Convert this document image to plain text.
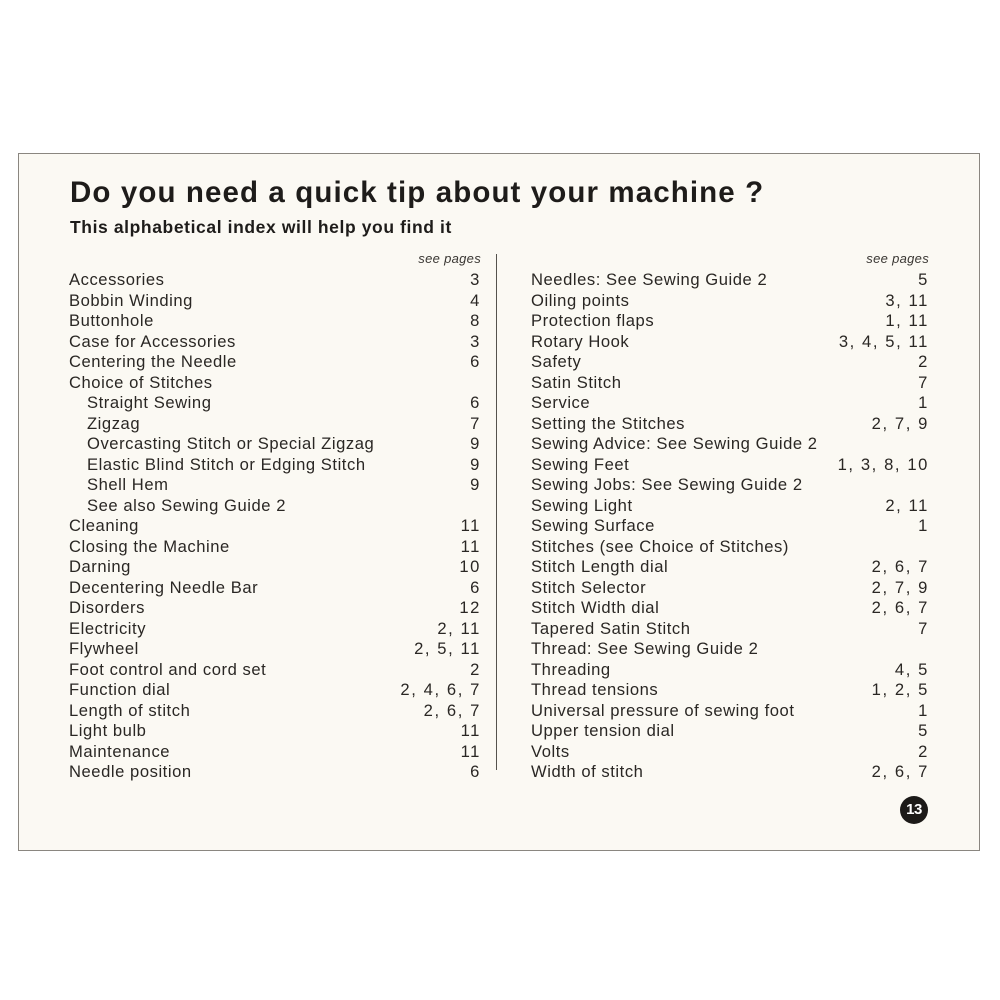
Do you need a quick tip about your machine ?
This alphabetical index will help you find it
see pages
Accessories	3
Bobbin Winding	4
Buttonhole	8
Case for Accessories	3
Centering the Needle	6
Choice of Stitches
Straight Sewing	6
Zigzag	7
Overcasting Stitch or Special Zigzag	9
Elastic Blind Stitch or Edging Stitch	9
Shell Hem	9
See also Sewing Guide 2
Cleaning	11
Closing the Machine	11
Darning	10
Decentering Needle Bar	6
Disorders	12
Electricity	2, 11
Flywheel	2, 5, 11
Foot control and cord set	2
Function dial	2, 4, 6, 7
Length of stitch	2, 6, 7
Light bulb	11
Maintenance	11
Needle position	6
see pages
Needles: See Sewing Guide 2	5
Oiling points	3, 11
Protection flaps	1, 11
Rotary Hook	3, 4, 5, 11
Safety	2
Satin Stitch	7
Service	1
Setting the Stitches	2, 7, 9
Sewing Advice: See Sewing Guide 2
Sewing Feet	1, 3, 8, 10
Sewing Jobs: See Sewing Guide 2
Sewing Light	2, 11
Sewing Surface	1
Stitches (see Choice of Stitches)
Stitch Length dial	2, 6, 7
Stitch Selector	2, 7, 9
Stitch Width dial	2, 6, 7
Tapered Satin Stitch	7
Thread: See Sewing Guide 2
Threading	4, 5
Thread tensions	1, 2, 5
Universal pressure of sewing foot	1
Upper tension dial	5
Volts	2
Width of stitch	2, 6, 7
13
